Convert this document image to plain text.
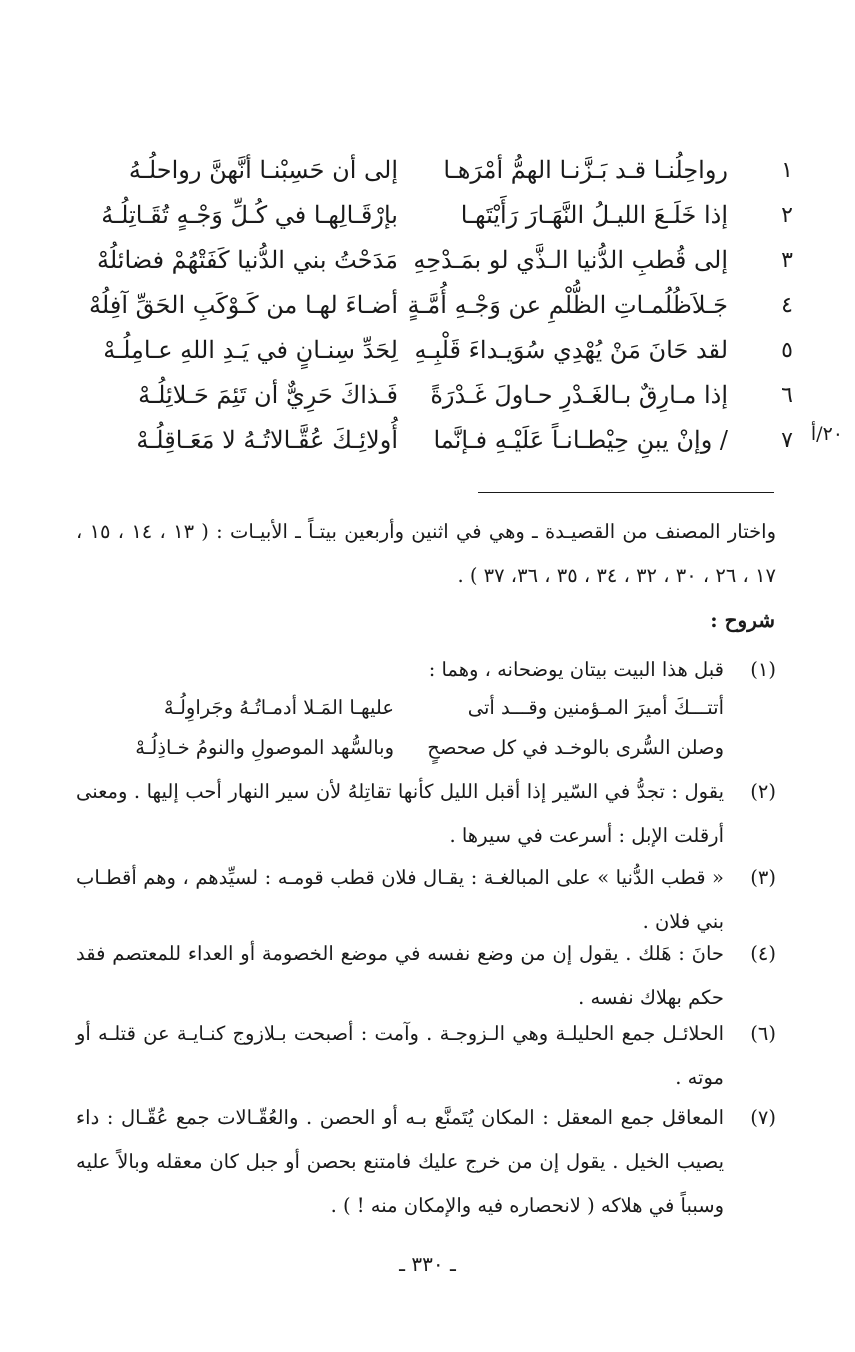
١
رواحِلُنـا قـد بَـزَّنـا الهمُّ أمْرَهـا
إلى أن حَسِبْنـا أنَّهنَّ رواحلُـهُ
٢
إذا خَلَـعَ الليـلُ النَّهَـارَ رَأَيْتَهـا
بإرْقَـالِهـا في كُـلِّ وَجْـهٍ تُقَـاتِلُـهُ
٣
إلى قُطبِ الدُّنيا الـذَّي لو بمَـدْحِهِ
مَدَحْتُ بني الدُّنيا كَفَتْهُمْ فضائلُهْ
٤
جَـلاَظُلُمـاتِ الظُّلْمِ عن وَجْـهِ أُمَّـةٍ
أضـاءَ لهـا من كَـوْكَبِ الحَقِّ آفِلُهْ
٥
لقد حَانَ مَنْ يُهْدِي سُوَيـداءَ قَلْبِـهِ
لِحَدِّ سِنـانٍ في يَـدِ اللهِ عـامِلُـهْ
٦
إذا مـارِقٌ بـالغَـدْرِ حـاولَ غَـدْرَةً
فَـذاكَ حَرِيٌّ أن تَئِمَ حَـلائِلُـهْ
٧
/ وإنْ يبنِ حِيْطـانـاً عَلَيْـهِ فـإنَّما
أُولائِـكَ عُقَّـالاتُـهُ لا مَعَـاقِلُـهْ	٢٠/أ
واختار المصنف من القصيـدة ـ وهي في اثنين وأربعين بيتـاً ـ الأبيـات : ( ١٣ ، ١٤ ، ١٥ ، ١٧ ، ٢٦ ، ٣٠ ، ٣٢ ، ٣٤ ، ٣٥ ، ٣٦، ٣٧ ) .
شروح :
(١)
قبل هذا البيت بيتان يوضحانه ، وهما :
أتتـــكَ أميرَ المـؤمنين وقـــد أتى
عليهـا المَـلا أدمـاتُـهُ وجَراوِلُـهْ
وصلن السُّرى بالوخـد في كل صحصحٍ
وبالسُّهد الموصولِ والنومُ خـاذِلُـهْ
(٢)
يقول : تجدُّ في السّير إذا أقبل الليل كأنها تقاتِلهُ لأن سير النهار أحب إليها . ومعنى أرقلت الإبل : أسرعت في سيرها .
(٣)
« قطب الدُّنيا » على المبالغـة : يقـال فلان قطب قومـه : لسيِّدهم ، وهم أقطـاب بني فلان .
(٤)
حانَ : هَلك . يقول إن من وضع نفسه في موضع الخصومة أو العداء للمعتصم فقد حكم بهلاك نفسه .
(٦)
الحلائـل جمع الحليلـة وهي الـزوجـة . وآمت : أصبحت بـلازوج كنـايـة عن قتلـه أو موته .
(٧)
المعاقل جمع المعقل : المكان يُتَمنَّع بـه أو الحصن . والعُقّـالات جمع عُقّـال : داء يصيب الخيل . يقول إن من خرج عليك فامتنع بحصن أو جبل كان معقله وبالاً عليه وسبباً في هلاكه ( لانحصاره فيه والإمكان منه ! ) .
ـ ٣٣٠ ـ
